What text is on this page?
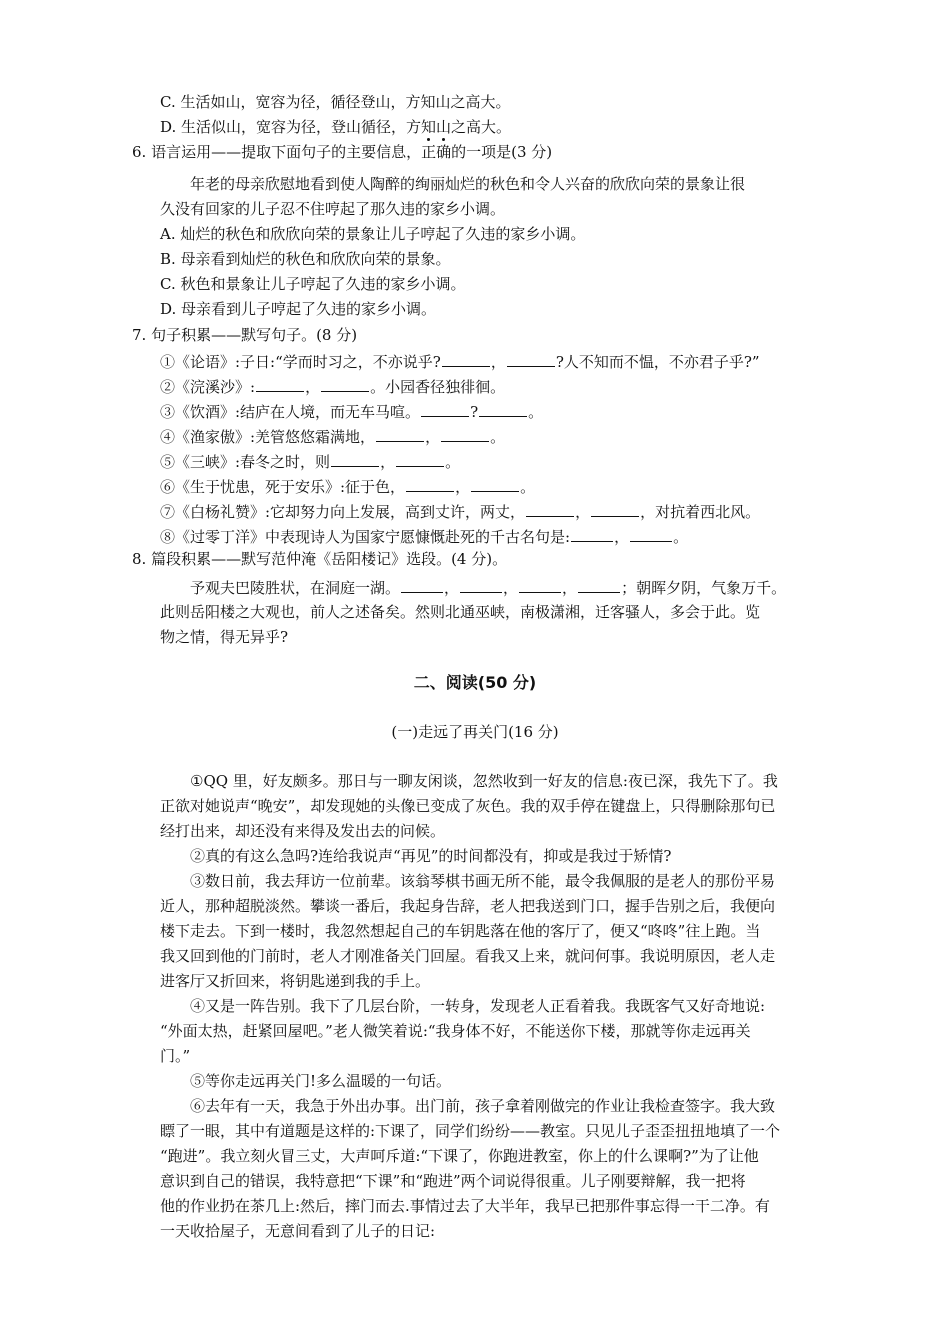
C. 生活如山，宽容为径，循径登山，方知山之高大。
D. 生活似山，宽容为径，登山循径，方知山之高大。
6. 语言运用——提取下面句子的主要信息，正确的一项是(3 分)
年老的母亲欣慰地看到使人陶醉的绚丽灿烂的秋色和令人兴奋的欣欣向荣的景象让很
久没有回家的儿子忍不住哼起了那久违的家乡小调。
A. 灿烂的秋色和欣欣向荣的景象让儿子哼起了久违的家乡小调。
B. 母亲看到灿烂的秋色和欣欣向荣的景象。
C. 秋色和景象让儿子哼起了久违的家乡小调。
D. 母亲看到儿子哼起了久违的家乡小调。
7. 句子积累——默写句子。(8 分)
①《论语》:子日:“学而时习之，不亦说乎?	，	?人不知而不愠，不亦君子乎?”
②《浣溪沙》:	，	。小园香径独徘徊。
③《饮酒》:结庐在人境，而无车马喧。	?	。
④《渔家傲》:羌管悠悠霜满地，	，	。
⑤《三峡》:春冬之时，则	，	。
⑥《生于忧患，死于安乐》:征于色，	，	。
⑦《白杨礼赞》:它却努力向上发展，高到丈许，两丈，	，	，对抗着西北风。
⑧《过零丁洋》中表现诗人为国家宁愿慷慨赴死的千古名句是:	，	。
8. 篇段积累——默写范仲淹《岳阳楼记》选段。(4 分)。
予观夫巴陵胜状，在洞庭一湖。	，	，	，	；朝晖夕阴，气象万千。
此则岳阳楼之大观也，前人之述备矣。然则北通巫峡，南极潇湘，迁客骚人，多会于此。览
物之情，得无异乎?
二、阅读(50 分)
(一)走远了再关门(16 分)
①QQ 里，好友颇多。那日与一聊友闲谈，忽然收到一好友的信息:夜已深，我先下了。我
正欲对她说声“晚安”，却发现她的头像已变成了灰色。我的双手停在键盘上，只得删除那句已
经打出来，却还没有来得及发出去的问候。
②真的有这么急吗?连给我说声“再见”的时间都没有，抑或是我过于矫情?
③数日前，我去拜访一位前辈。该翁琴棋书画无所不能，最令我佩服的是老人的那份平易
近人，那种超脱淡然。攀谈一番后，我起身告辞，老人把我送到门口，握手告别之后，我便向
楼下走去。下到一楼时，我忽然想起自己的车钥匙落在他的客厅了，便又“咚咚”往上跑。当
我又回到他的门前时，老人才刚准备关门回屋。看我又上来，就问何事。我说明原因，老人走
进客厅又折回来，将钥匙递到我的手上。
④又是一阵告别。我下了几层台阶，一转身，发现老人正看着我。我既客气又好奇地说:
“外面太热，赶紧回屋吧。”老人微笑着说:“我身体不好，不能送你下楼，那就等你走远再关
门。”
⑤等你走远再关门!多么温暖的一句话。
⑥去年有一天，我急于外出办事。出门前，孩子拿着刚做完的作业让我检查签字。我大致
瞟了一眼，其中有道题是这样的:下课了，同学们纷纷——教室。只见儿子歪歪扭扭地填了一个
“跑进”。我立刻火冒三丈，大声呵斥道:“下课了，你跑进教室，你上的什么课啊?”为了让他
意识到自己的错误，我特意把“下课”和“跑进”两个词说得很重。儿子刚要辩解，我一把将
他的作业扔在茶几上:然后，摔门而去.事情过去了大半年，我早已把那件事忘得一干二净。有
一天收拾屋子，无意间看到了儿子的日记:
